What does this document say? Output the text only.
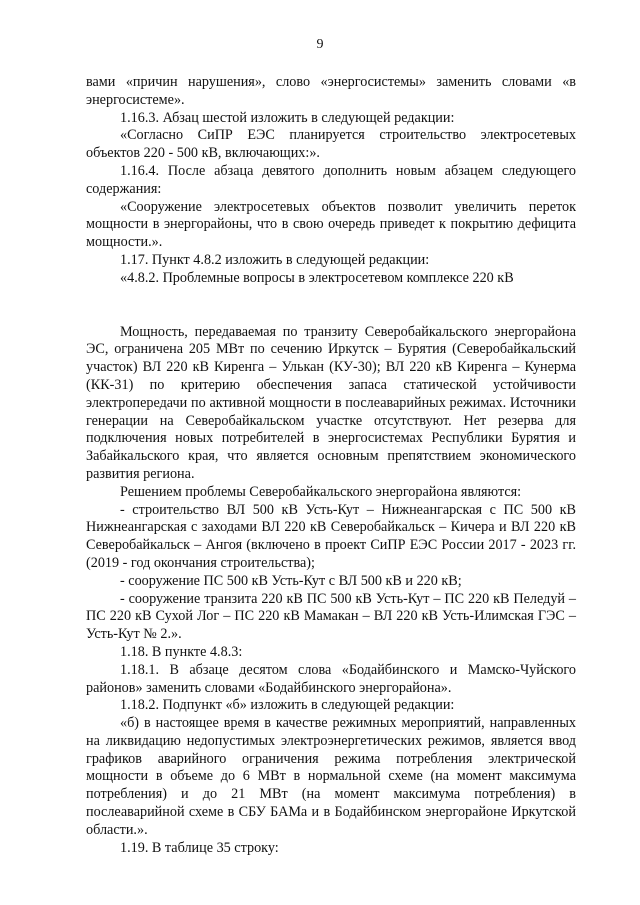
9

вами «причин нарушения», слово «энергосистемы» заменить словами «в энергосистеме».

1.16.3. Абзац шестой изложить в следующей редакции:

«Согласно СиПР ЕЭС планируется строительство электросетевых объектов 220 - 500 кВ, включающих:».

1.16.4. После абзаца девятого дополнить новым абзацем следующего содержания:

«Сооружение электросетевых объектов позволит увеличить переток мощности в энергорайоны, что в свою очередь приведет к покрытию дефицита мощности.».

1.17. Пункт 4.8.2 изложить в следующей редакции:

«4.8.2. Проблемные вопросы в электросетевом комплексе 220 кВ

Мощность, передаваемая по транзиту Северобайкальского энергорайона ЭС, ограничена 205 МВт по сечению Иркутск – Бурятия (Северобайкальский участок) ВЛ 220 кВ Киренга – Улькан (КУ-30); ВЛ 220 кВ Киренга – Кунерма (КК-31) по критерию обеспечения запаса статической устойчивости электропередачи по активной мощности в послеаварийных режимах. Источники генерации на Северобайкальском участке отсутствуют. Нет резерва для подключения новых потребителей в энергосистемах Республики Бурятия и Забайкальского края, что является основным препятствием экономического развития региона.

Решением проблемы Северобайкальского энергорайона являются:

- строительство ВЛ 500 кВ Усть-Кут – Нижнеангарская с ПС 500 кВ Нижнеангарская с заходами ВЛ 220 кВ Северобайкальск – Кичера и ВЛ 220 кВ Северобайкальск – Ангоя (включено в проект СиПР ЕЭС России 2017 - 2023 гг. (2019 - год окончания строительства);

- сооружение ПС 500 кВ Усть-Кут с ВЛ 500 кВ и 220 кВ;

- сооружение транзита 220 кВ ПС 500 кВ Усть-Кут – ПС 220 кВ Пеледуй – ПС 220 кВ Сухой Лог – ПС 220 кВ Мамакан – ВЛ 220 кВ Усть-Илимская ГЭС – Усть-Кут № 2.».

1.18. В пункте 4.8.3:

1.18.1. В абзаце десятом слова «Бодайбинского и Мамско-Чуйского районов» заменить словами «Бодайбинского энергорайона».

1.18.2. Подпункт «б» изложить в следующей редакции:

«б) в настоящее время в качестве режимных мероприятий, направленных на ликвидацию недопустимых электроэнергетических режимов, является ввод графиков аварийного ограничения режима потребления электрической мощности в объеме до 6 МВт в нормальной схеме (на момент максимума потребления) и до 21 МВт (на момент максимума потребления) в послеаварийной схеме в СБУ БАМа и в Бодайбинском энергорайоне Иркутской области.».

1.19. В таблице 35 строку:
